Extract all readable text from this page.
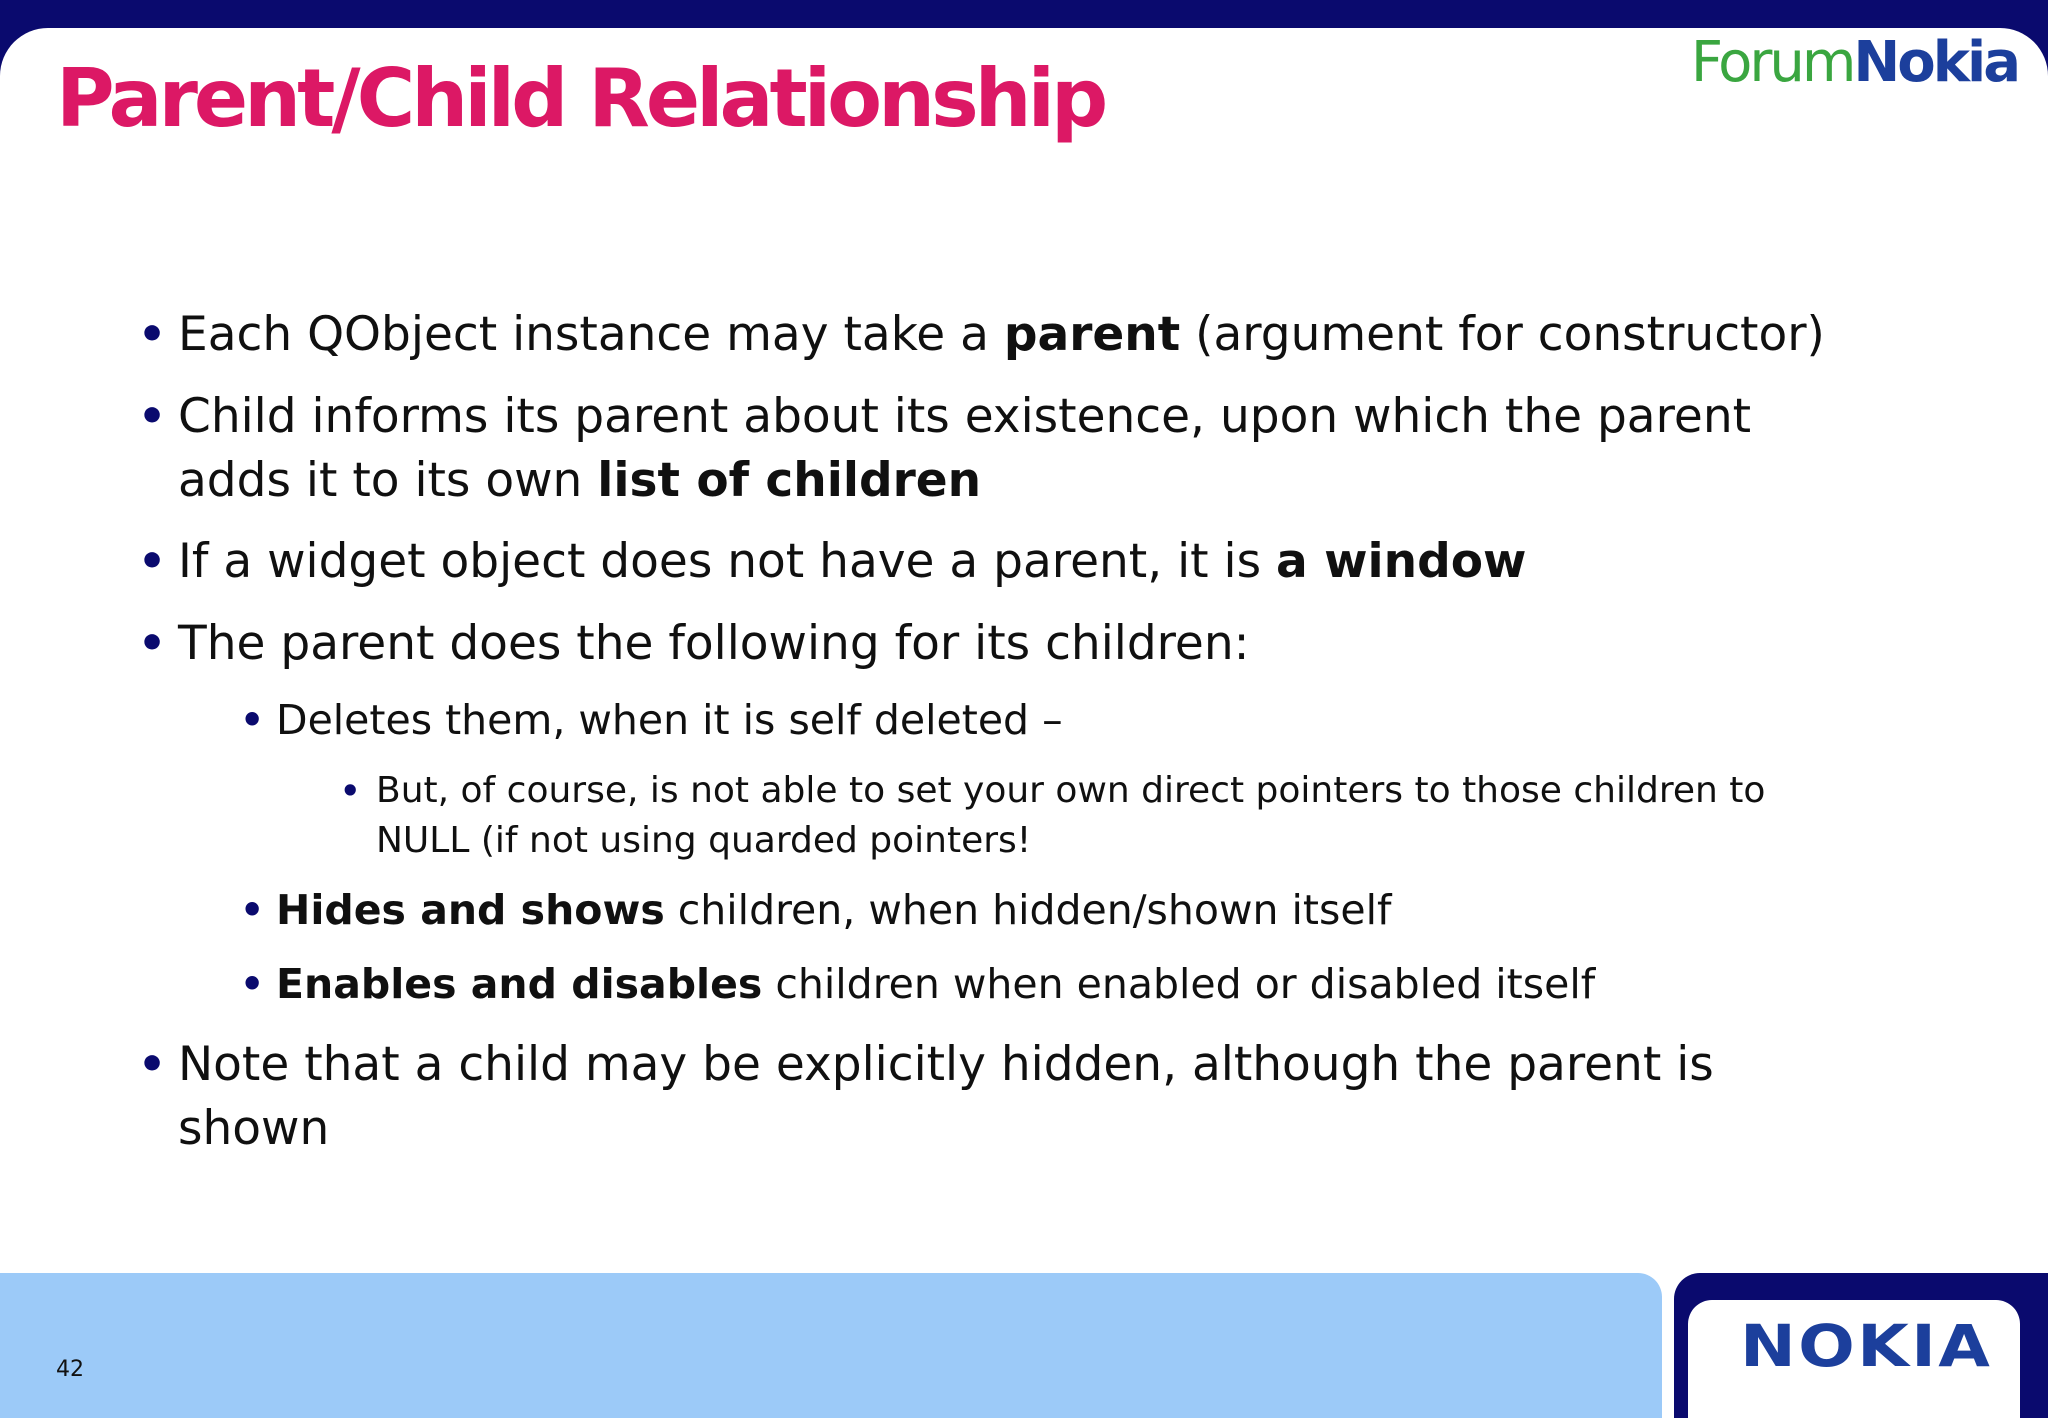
Parent/Child Relationship	ForumNokia
• Each QObject instance may take a parent (argument for constructor)
• Child informs its parent about its existence, upon which the parent
adds it to its own list of children
• If a widget object does not have a parent, it is a window
• The parent does the following for its children:
• Deletes them, when it is self deleted –
• But, of course, is not able to set your own direct pointers to those children to
NULL (if not using quarded pointers!
• Hides and shows children, when hidden/shown itself
• Enables and disables children when enabled or disabled itself
• Note that a child may be explicitly hidden, although the parent is
shown
42	NOKIA
